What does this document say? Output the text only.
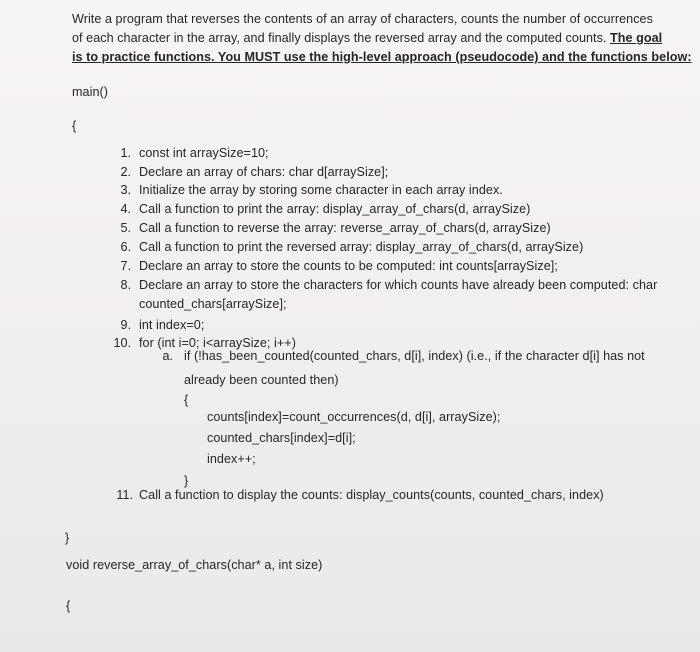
Write a program that reverses the contents of an array of characters, counts the number of occurrences
of each character in the array, and finally displays the reversed array and the computed counts. The goal
is to practice functions. You MUST use the high-level approach (pseudocode) and the functions below:
main()
{
1. const int arraySize=10;
2. Declare an array of chars: char d[arraySize];
3. Initialize the array by storing some character in each array index.
4. Call a function to print the array: display_array_of_chars(d, arraySize)
5. Call a function to reverse the array: reverse_array_of_chars(d, arraySize)
6. Call a function to print the reversed array: display_array_of_chars(d, arraySize)
7. Declare an array to store the counts to be computed: int counts[arraySize];
8. Declare an array to store the characters for which counts have already been computed: char
counted_chars[arraySize];
9. int index=0;
10. for (int i=0; i<arraySize; i++)
a. if (!has_been_counted(counted_chars, d[i], index) (i.e., if the character d[i] has not
already been counted then)
{
counts[index]=count_occurrences(d, d[i], arraySize);
counted_chars[index]=d[i];
index++;
}
11. Call a function to display the counts: display_counts(counts, counted_chars, index)
}
void reverse_array_of_chars(char* a, int size)
{
